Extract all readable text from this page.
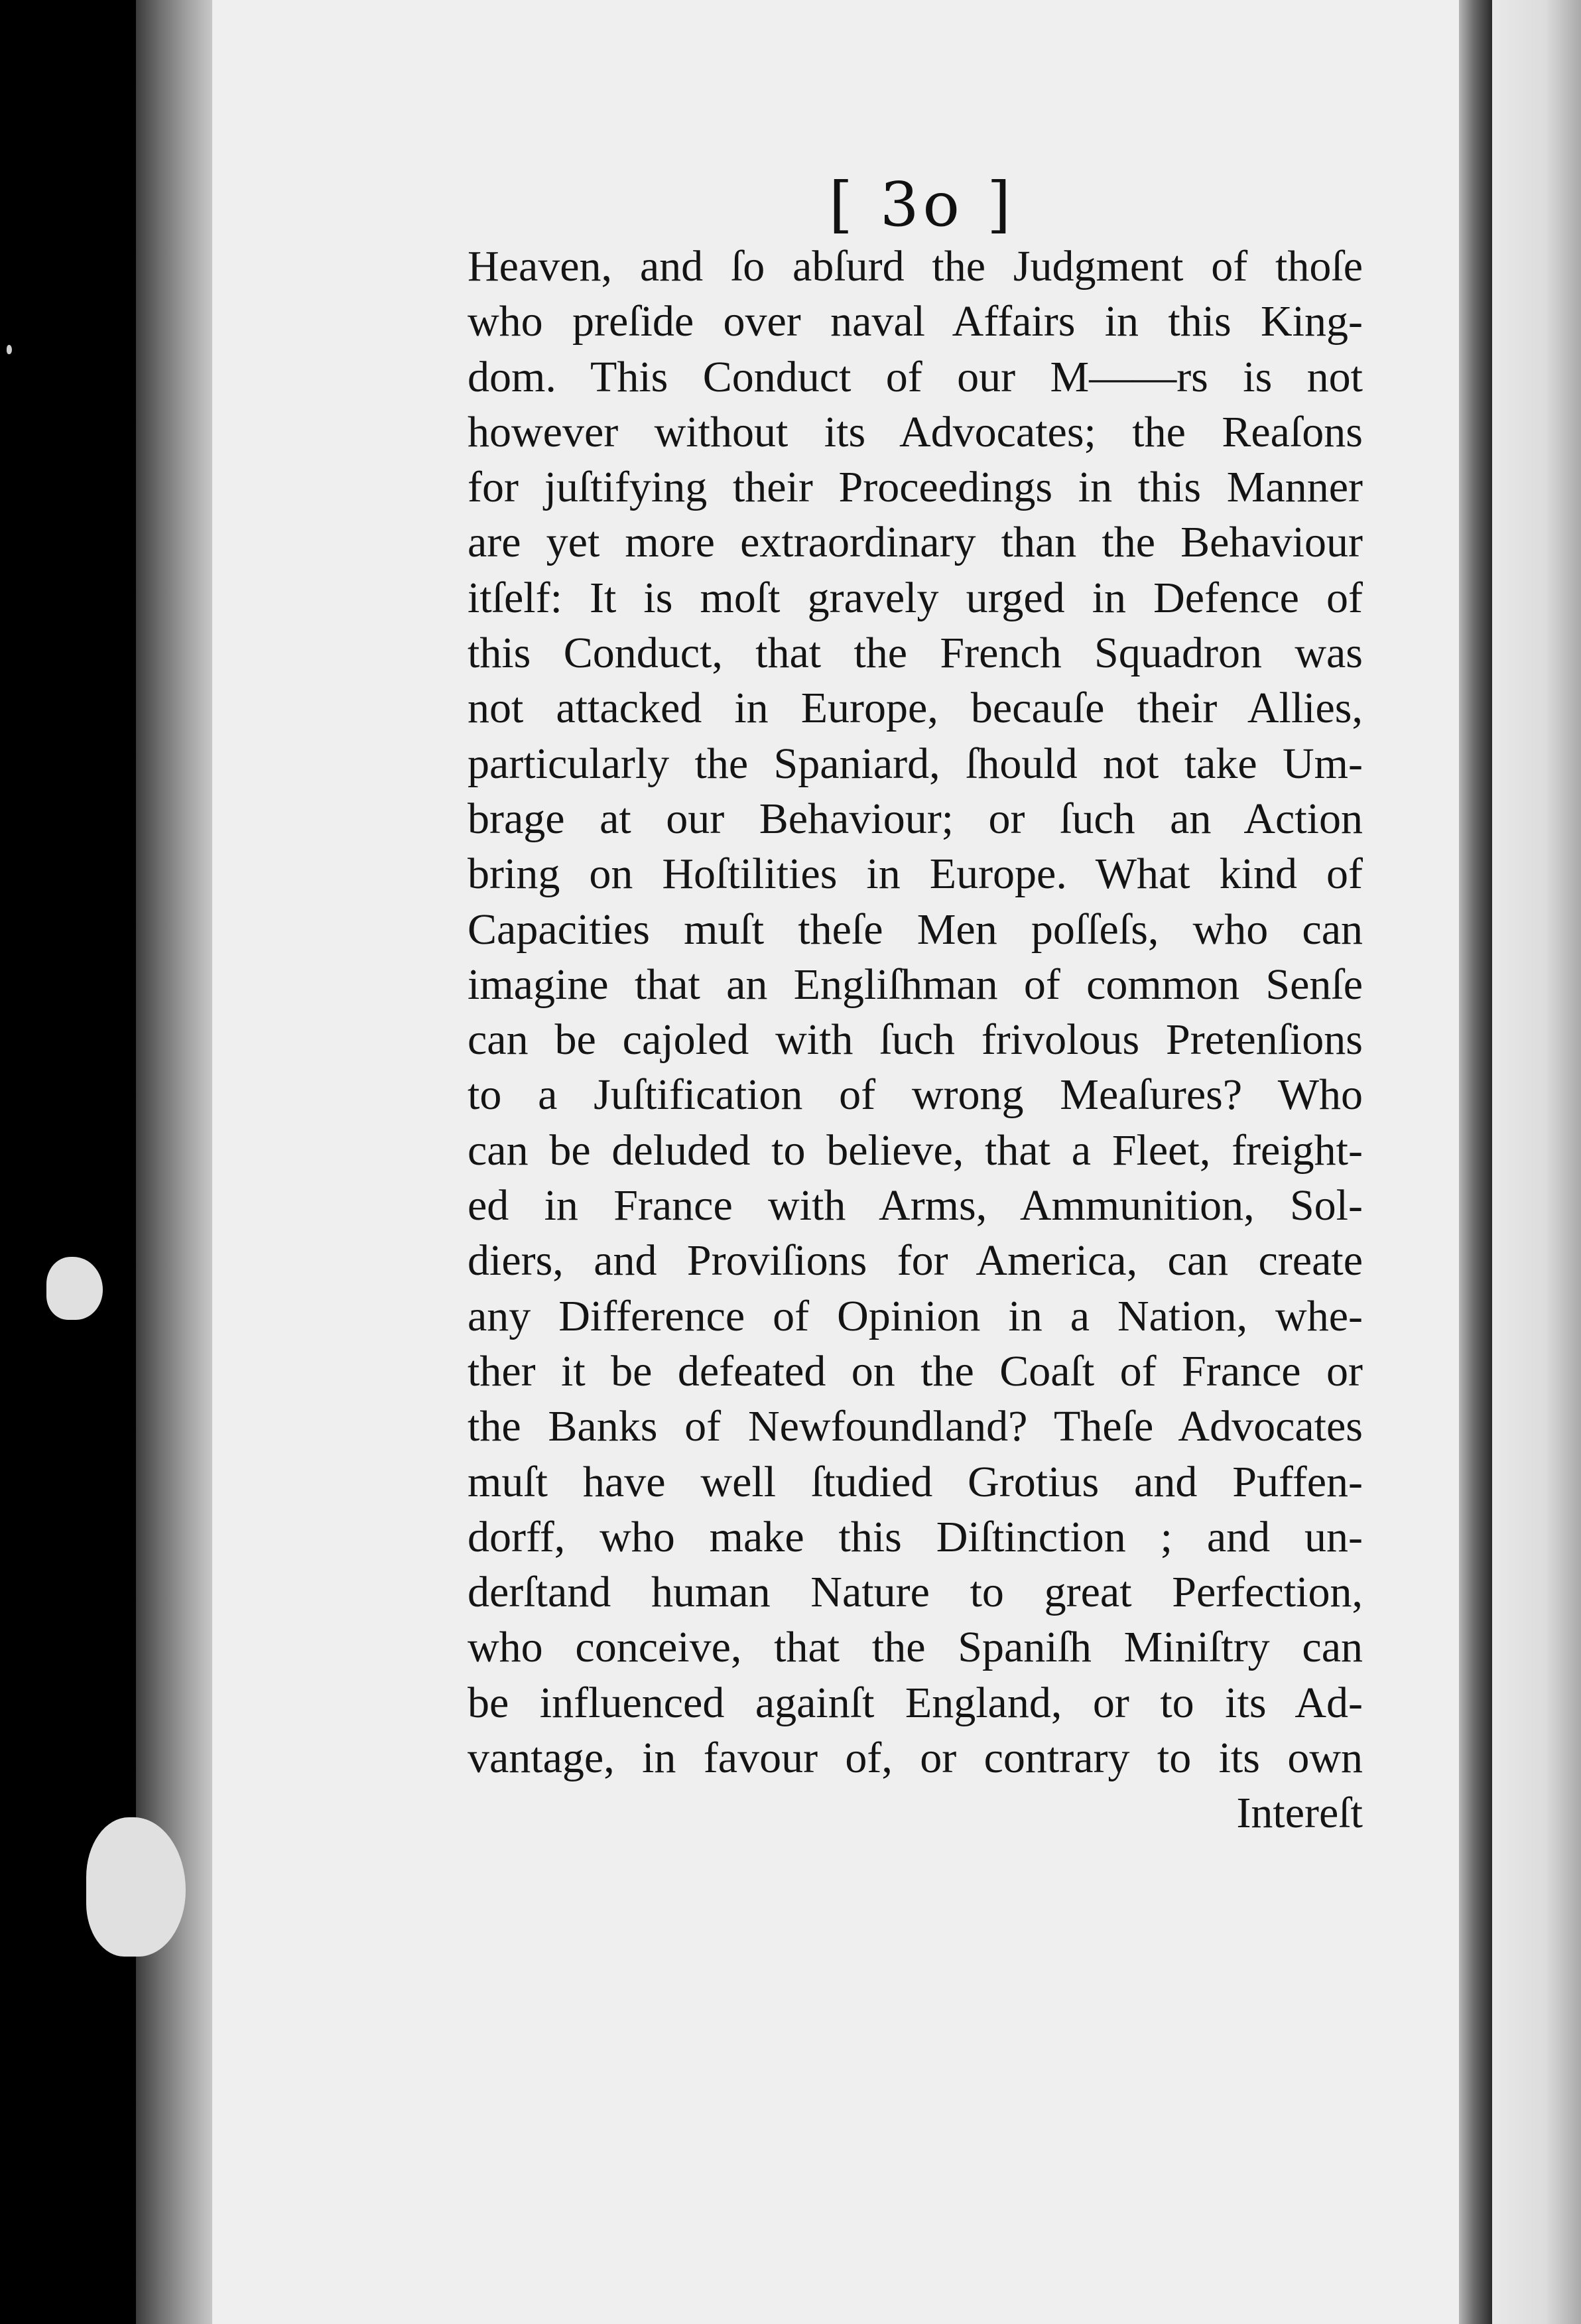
[ 3o ]
Heaven, and ſo abſurd the Judgment of thoſe
who preſide over naval Affairs in this King-
dom. This Conduct of our M——rs is not
however without its Advocates; the Reaſons
for juſtifying their Proceedings in this Manner
are yet more extraordinary than the Behaviour
itſelf: It is moſt gravely urged in Defence of
this Conduct, that the French Squadron was
not attacked in Europe, becauſe their Allies,
particularly the Spaniard, ſhould not take Um-
brage at our Behaviour; or ſuch an Action
bring on Hoſtilities in Europe. What kind of
Capacities muſt theſe Men poſſeſs, who can
imagine that an Engliſhman of common Senſe
can be cajoled with ſuch frivolous Pretenſions
to a Juſtification of wrong Meaſures? Who
can be deluded to believe, that a Fleet, freight-
ed in France with Arms, Ammunition, Sol-
diers, and Proviſions for America, can create
any Difference of Opinion in a Nation, whe-
ther it be defeated on the Coaſt of France or
the Banks of Newfoundland? Theſe Advocates
muſt have well ſtudied Grotius and Puffen-
dorff, who make this Diſtinction ; and un-
derſtand human Nature to great Perfection,
who conceive, that the Spaniſh Miniſtry can
be influenced againſt England, or to its Ad-
vantage, in favour of, or contrary to its own
Intereſt
